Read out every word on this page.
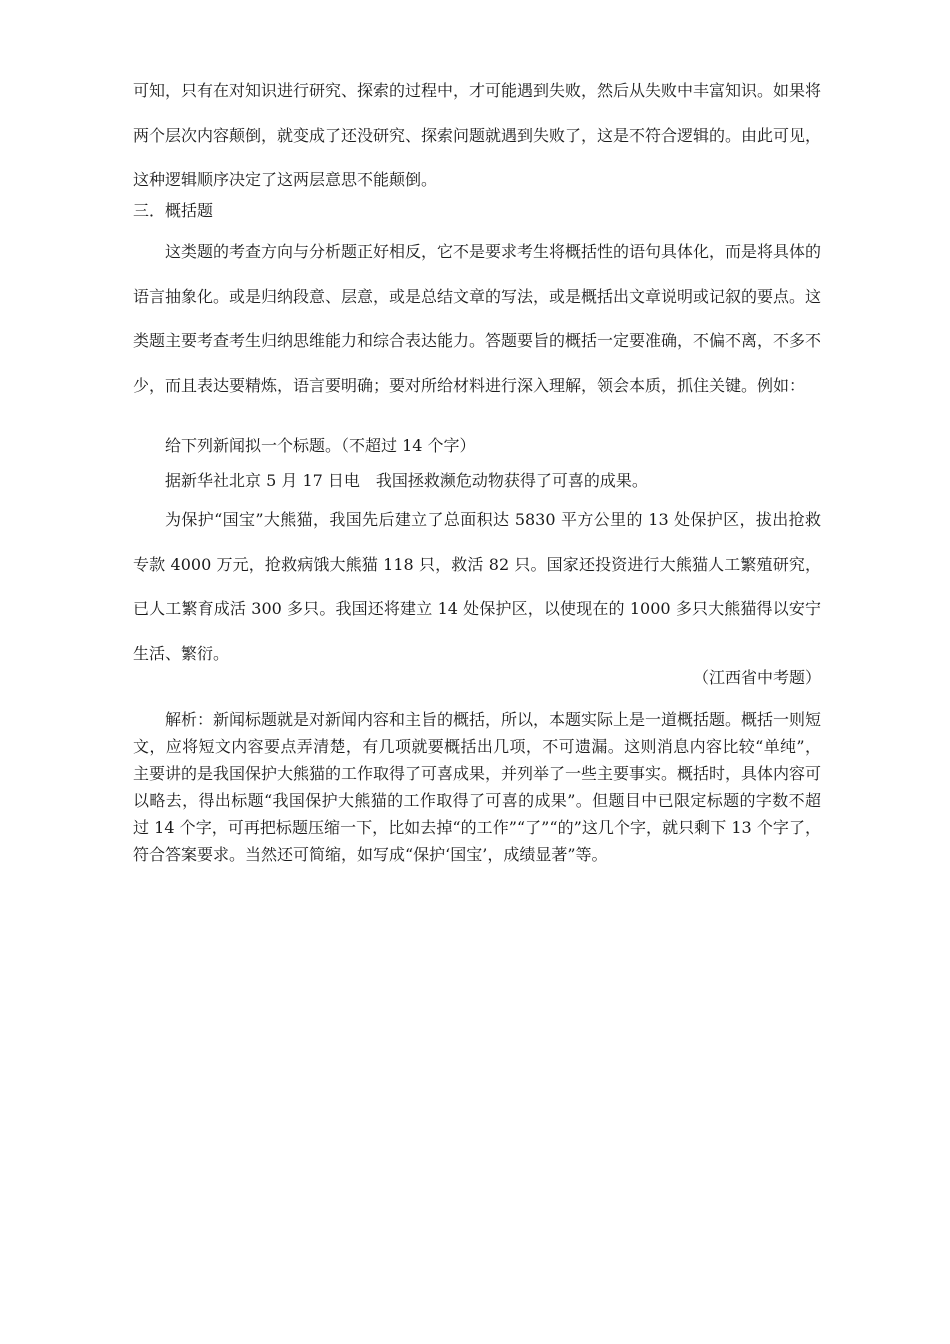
可知，只有在对知识进行研究、探索的过程中，才可能遇到失败，然后从失败中丰富知识。如果将两个层次内容颠倒，就变成了还没研究、探索问题就遇到失败了，这是不符合逻辑的。由此可见，这种逻辑顺序决定了这两层意思不能颠倒。
三．概括题
这类题的考查方向与分析题正好相反，它不是要求考生将概括性的语句具体化，而是将具体的语言抽象化。或是归纳段意、层意，或是总结文章的写法，或是概括出文章说明或记叙的要点。这类题主要考查考生归纳思维能力和综合表达能力。答题要旨的概括一定要准确，不偏不离，不多不少，而且表达要精炼，语言要明确；要对所给材料进行深入理解，领会本质，抓住关键。例如：
给下列新闻拟一个标题。（不超过 14 个字）
据新华社北京 5 月 17 日电　我国拯救濒危动物获得了可喜的成果。
为保护“国宝”大熊猫，我国先后建立了总面积达 5830 平方公里的 13 处保护区，拔出抢救专款 4000 万元，抢救病饿大熊猫 118 只，救活 82 只。国家还投资进行大熊猫人工繁殖研究，已人工繁育成活 300 多只。我国还将建立 14 处保护区，以使现在的 1000 多只大熊猫得以安宁生活、繁衍。
（江西省中考题）
解析：新闻标题就是对新闻内容和主旨的概括，所以，本题实际上是一道概括题。概括一则短文，应将短文内容要点弄清楚，有几项就要概括出几项，不可遗漏。这则消息内容比较“单纯”，主要讲的是我国保护大熊猫的工作取得了可喜成果，并列举了一些主要事实。概括时，具体内容可以略去，得出标题“我国保护大熊猫的工作取得了可喜的成果”。但题目中已限定标题的字数不超过 14 个字，可再把标题压缩一下，比如去掉“的工作”“了”“的”这几个字，就只剩下 13 个字了，符合答案要求。当然还可简缩，如写成“保护‘国宝’，成绩显著”等。
